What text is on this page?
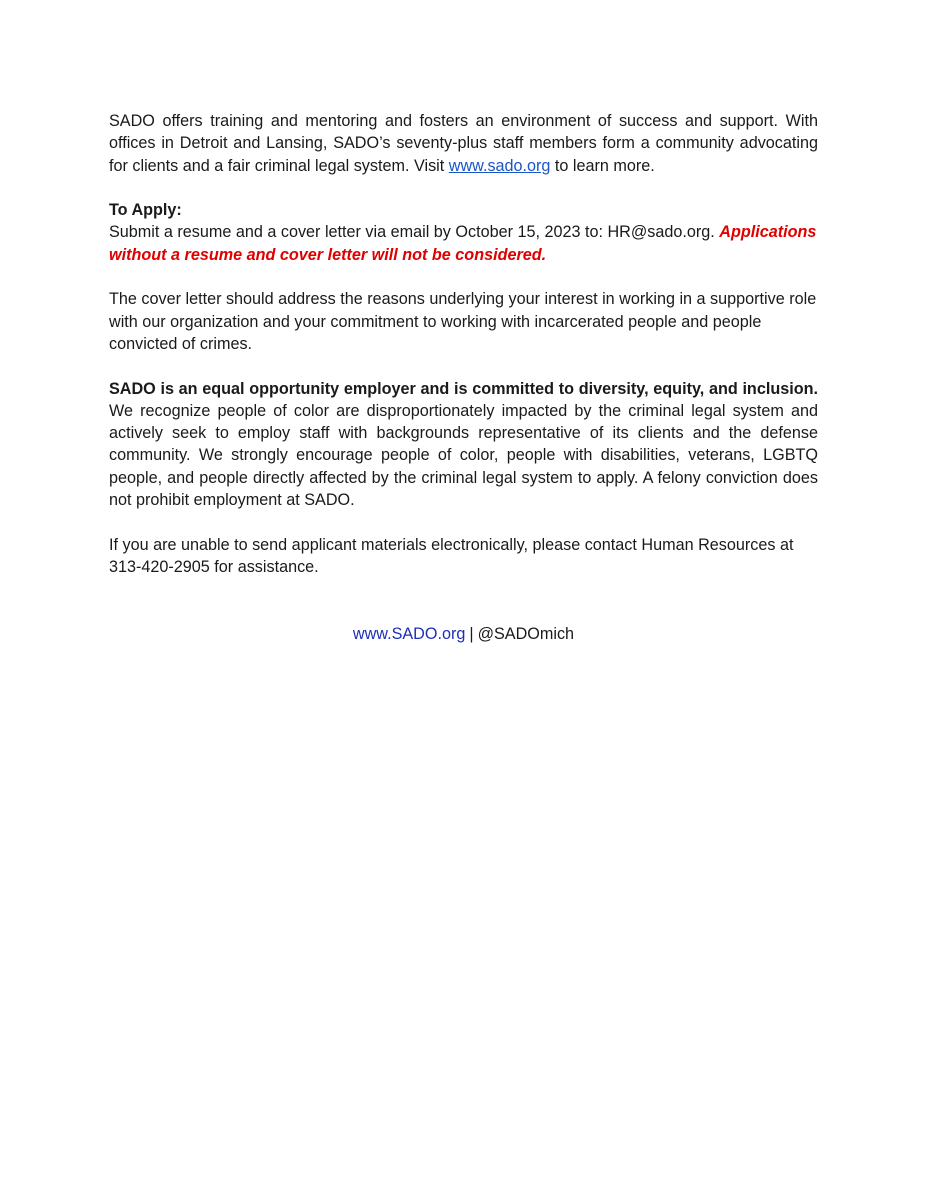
SADO offers training and mentoring and fosters an environment of success and support. With offices in Detroit and Lansing, SADO’s seventy-plus staff members form a community advocating for clients and a fair criminal legal system. Visit www.sado.org to learn more.

To Apply:
Submit a resume and a cover letter via email by October 15, 2023 to: HR@sado.org. Applications without a resume and cover letter will not be considered.

The cover letter should address the reasons underlying your interest in working in a supportive role with our organization and your commitment to working with incarcerated people and people convicted of crimes.

SADO is an equal opportunity employer and is committed to diversity, equity, and inclusion. We recognize people of color are disproportionately impacted by the criminal legal system and actively seek to employ staff with backgrounds representative of its clients and the defense community. We strongly encourage people of color, people with disabilities, veterans, LGBTQ people, and people directly affected by the criminal legal system to apply. A felony conviction does not prohibit employment at SADO.

If you are unable to send applicant materials electronically, please contact Human Resources at 313-420-2905 for assistance.

www.SADO.org | @SADOmich
